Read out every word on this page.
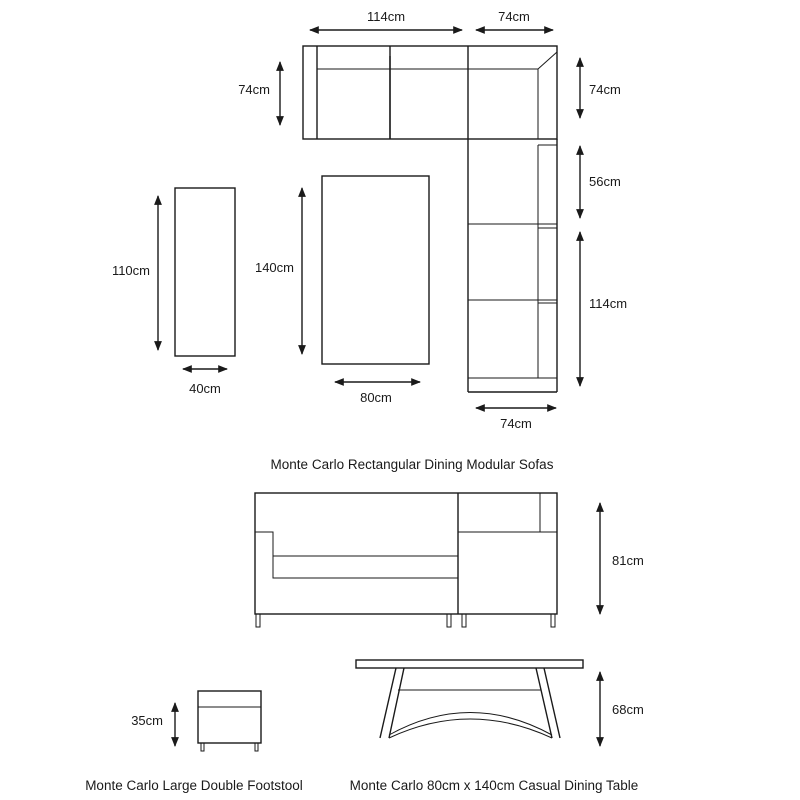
114cm	74cm
74cm	74cm
56cm
114cm
74cm
110cm
40cm
140cm
80cm
Monte Carlo Rectangular Dining Modular Sofas
81cm
35cm
68cm
Monte Carlo Large Double Footstool	Monte Carlo 80cm x 140cm Casual Dining Table
